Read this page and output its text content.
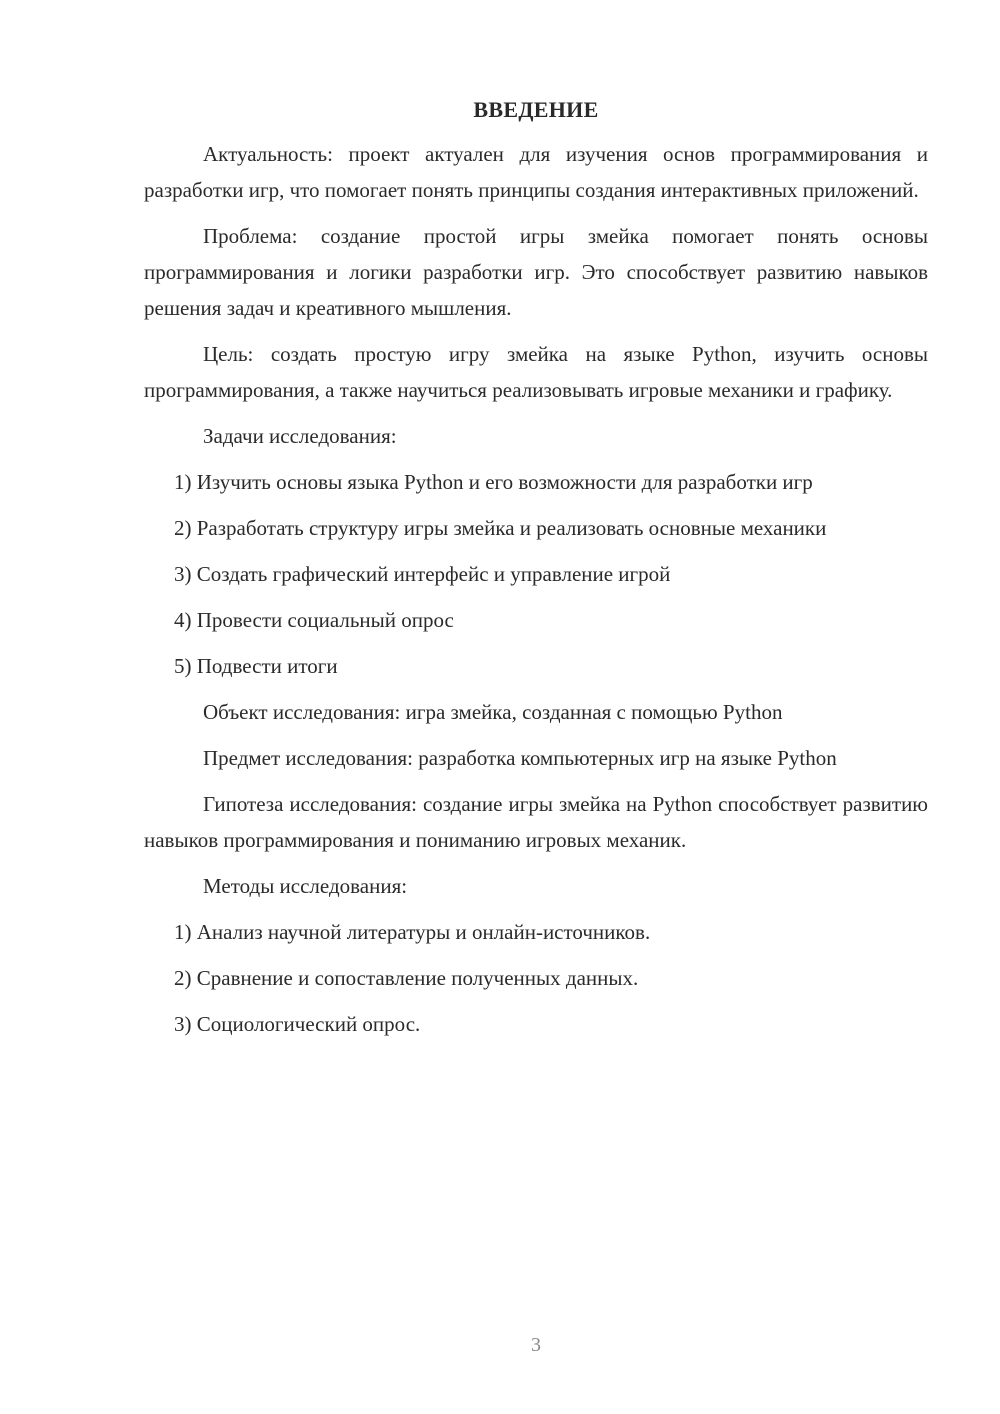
ВВЕДЕНИЕ

Актуальность: проект актуален для изучения основ программирования и разработки игр, что помогает понять принципы создания интерактивных приложений.

Проблема: создание простой игры змейка помогает понять основы программирования и логики разработки игр. Это способствует развитию навыков решения задач и креативного мышления.

Цель: создать простую игру змейка на языке Python, изучить основы программирования, а также научиться реализовывать игровые механики и графику.

Задачи исследования:

1) Изучить основы языка Python и его возможности для разработки игр

2) Разработать структуру игры змейка и реализовать основные механики

3) Создать графический интерфейс и управление игрой

4) Провести социальный опрос

5) Подвести итоги

Объект исследования: игра змейка, созданная с помощью Python

Предмет исследования: разработка компьютерных игр на языке Python

Гипотеза исследования: создание игры змейка на Python способствует развитию навыков программирования и пониманию игровых механик.

Методы исследования:

1) Анализ научной литературы и онлайн-источников.

2) Сравнение и сопоставление полученных данных.

3) Социологический опрос.

3
